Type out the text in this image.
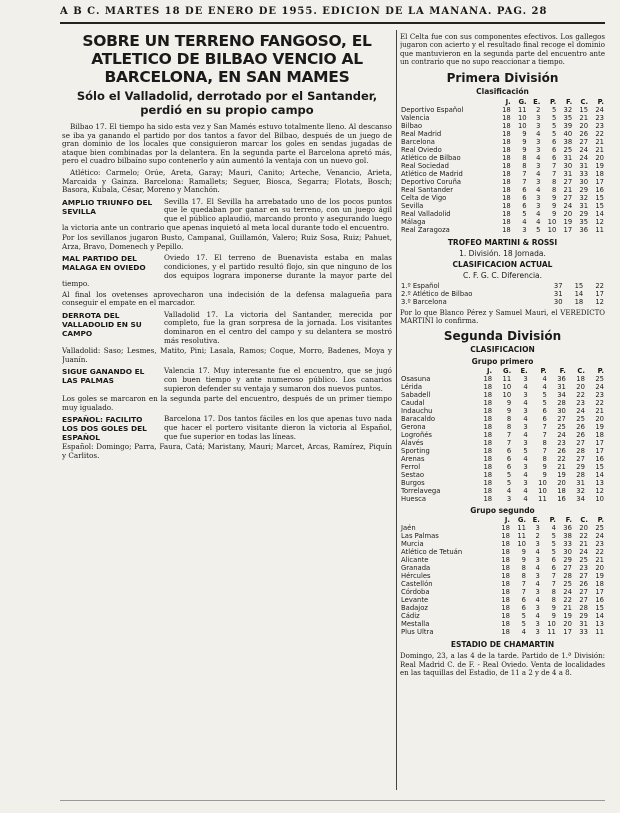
A B C. MARTES 18 DE ENERO DE 1955. EDICION DE LA MAÑANA. PAG. 28
SOBRE UN TERRENO FANGOSO, EL ATLETICO DE BILBAO VENCIO AL BARCELONA, EN SAN MAMES
Sólo el Valladolid, derrotado por el Santander, perdió en su propio campo

Bilbao 17. El tiempo ha sido esta vez y San Mamés estuvo totalmente lleno. Al descanso se iba ya ganando el partido por dos tantos a favor del Bilbao, después de un juego de gran dominio de los locales que consiguieron marcar los goles en sendas jugadas de ataque bien combinadas por la delantera. En la segunda parte el Barcelona apretó más, pero el cuadro bilbaíno supo contenerlo y aún aumentó la ventaja con un nuevo gol.

Atlético: Carmelo; Orúe, Areta, Garay; Mauri, Canito; Arteche, Venancio, Arieta, Marcaida y Gainza. Barcelona: Ramallets; Seguer, Biosca, Segarra; Flotats, Bosch; Basora, Kubala, César, Moreno y Manchón.

AMPLIO TRIUNFO DEL SEVILLA
Sevilla 17. El Sevilla ha arrebatado uno de los pocos puntos que le quedaban por ganar en su terreno, con un juego ágil que el público aplaudió, marcando pronto y asegurando luego la victoria ante un contrario que apenas inquietó al meta local durante todo el encuentro.
Por los sevillanos jugaron Busto, Campanal, Guillamón, Valero; Ruiz Sosa, Ruiz; Pahuet, Arza, Bravo, Domenech y Pepillo.
MAL PARTIDO DEL MALAGA EN OVIEDO
Oviedo 17. El terreno de Buenavista estaba en malas condiciones, y el partido resultó flojo, sin que ninguno de los dos equipos lograra imponerse durante la mayor parte del tiempo.
Al final los ovetenses aprovecharon una indecisión de la defensa malagueña para conseguir el empate en el marcador.
DERROTA DEL VALLADOLID EN SU CAMPO
Valladolid 17. La victoria del Santander, merecida por completo, fue la gran sorpresa de la jornada. Los visitantes dominaron en el centro del campo y su delantera se mostró más resolutiva.
Valladolid: Saso; Lesmes, Matito, Pini; Lasala, Ramos; Coque, Morro, Badenes, Moya y Juanín.
SIGUE GANANDO EL LAS PALMAS
Valencia 17. Muy interesante fue el encuentro, que se jugó con buen tiempo y ante numeroso público. Los canarios supieron defender su ventaja y sumaron dos nuevos puntos.
Los goles se marcaron en la segunda parte del encuentro, después de un primer tiempo muy igualado.
ESPAÑOL: FACILITO LOS DOS GOLES DEL ESPAÑOL
Barcelona 17. Dos tantos fáciles en los que apenas tuvo nada que hacer el portero visitante dieron la victoria al Español, que fue superior en todas las líneas.
Español: Domingo; Parra, Faura, Catá; Maristany, Mauri; Marcet, Arcas, Ramírez, Piquín y Carlitos.
El Celta fue con sus componentes efectivos. Los gallegos jugaron con acierto y el resultado final recoge el dominio que mantuvieron en la segunda parte del encuentro ante un contrario que no supo reaccionar a tiempo.
Primera División
Clasificación
	J.	G.	E.	P.	F.	C.	P.
Deportivo Español	18	11	2	5	32	15	24
Valencia	18	10	3	5	35	21	23
Bilbao	18	10	3	5	39	20	23
Real Madrid	18	9	4	5	40	26	22
Barcelona	18	9	3	6	38	27	21
Real Oviedo	18	9	3	6	25	24	21
Atlético de Bilbao	18	8	4	6	31	24	20
Real Sociedad	18	8	3	7	30	31	19
Atlético de Madrid	18	7	4	7	31	33	18
Deportivo Coruña	18	7	3	8	27	30	17
Real Santander	18	6	4	8	21	29	16
Celta de Vigo	18	6	3	9	27	32	15
Sevilla	18	6	3	9	24	31	15
Real Valladolid	18	5	4	9	20	29	14
Málaga	18	4	4	10	19	35	12
Real Zaragoza	18	3	5	10	17	36	11
TROFEO MARTINI & ROSSI
1. División. 18 Jornada.
CLASIFICACION ACTUAL
C. F. G. C. Diferencia.
1.º Español	37	15	22
2.º Atlético de Bilbao	31	14	17
3.º Barcelona	30	18	12
Por lo que Blanco Pérez y Samuel Mauri, el VEREDICTO MARTINI lo confirma.
Segunda División
CLASIFICACION
Grupo primero
	J.	G.	E.	P.	F.	C.	P.
Osasuna	18	11	3	4	36	18	25
Lérida	18	10	4	4	31	20	24
Sabadell	18	10	3	5	34	22	23
Caudal	18	9	4	5	28	23	22
Indauchu	18	9	3	6	30	24	21
Baracaldo	18	8	4	6	27	25	20
Gerona	18	8	3	7	25	26	19
Logroñés	18	7	4	7	24	26	18
Alavés	18	7	3	8	23	27	17
Sporting	18	6	5	7	26	28	17
Arenas	18	6	4	8	22	27	16
Ferrol	18	6	3	9	21	29	15
Sestao	18	5	4	9	19	28	14
Burgos	18	5	3	10	20	31	13
Torrelavega	18	4	4	10	18	32	12
Huesca	18	3	4	11	16	34	10
Grupo segundo
	J.	G.	E.	P.	F.	C.	P.
Jaén	18	11	3	4	36	20	25
Las Palmas	18	11	2	5	38	22	24
Murcia	18	10	3	5	33	21	23
Atlético de Tetuán	18	9	4	5	30	24	22
Alicante	18	9	3	6	29	25	21
Granada	18	8	4	6	27	23	20
Hércules	18	8	3	7	28	27	19
Castellón	18	7	4	7	25	26	18
Córdoba	18	7	3	8	24	27	17
Levante	18	6	4	8	22	27	16
Badajoz	18	6	3	9	21	28	15
Cádiz	18	5	4	9	19	29	14
Mestalla	18	5	3	10	20	31	13
Plus Ultra	18	4	3	11	17	33	11
ESTADIO DE CHAMARTIN
Domingo, 23, a las 4 de la tarde. Partido de 1.ª División: Real Madrid C. de F. - Real Oviedo. Venta de localidades en las taquillas del Estadio, de 11 a 2 y de 4 a 8.
